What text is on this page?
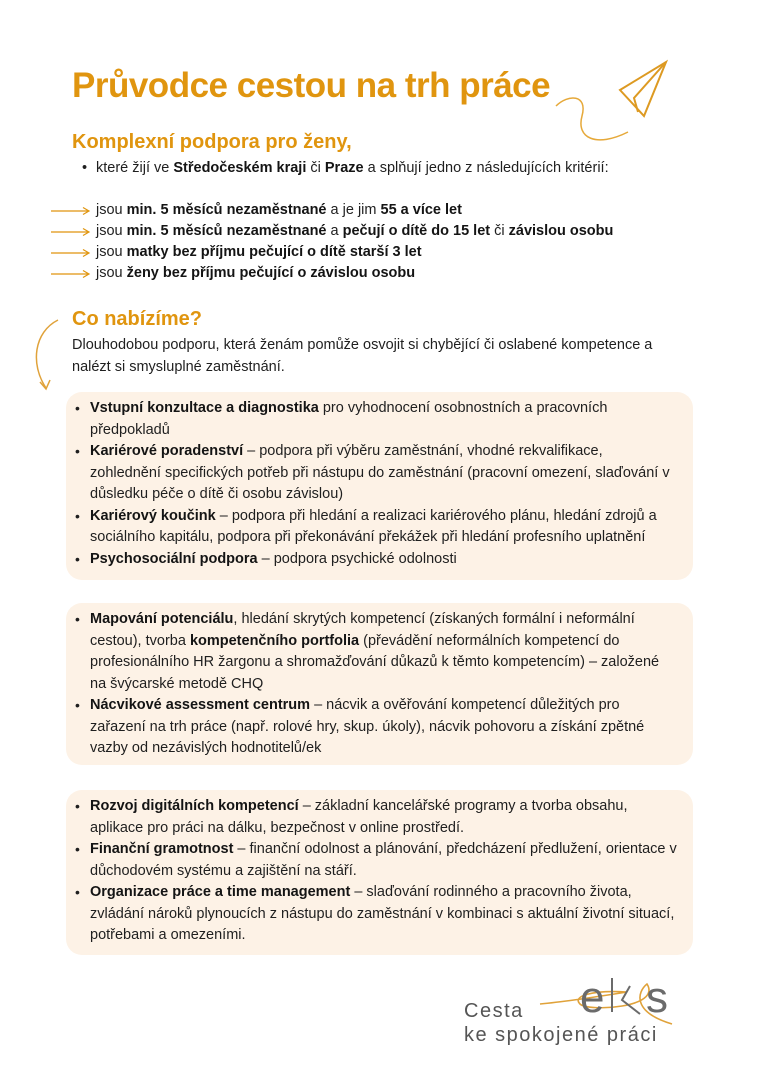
Průvodce cestou na trh práce
Komplexní podpora pro ženy,
• které žijí ve Středočeském kraji či Praze a splňují jedno z následujících kritérií:
jsou
min. 5 měsíců nezaměstnané
a je jim
55 a více let
jsou
min. 5 měsíců nezaměstnané
a
pečují o dítě do 15 let
či
závislou osobu
jsou
matky bez příjmu pečující o dítě starší 3 let
jsou
ženy bez příjmu pečující o závislou osobu
Co nabízíme?

Dlouhodobou podporu, která ženám pomůže osvojit si chybějící či oslabené kompetence a nalézt si smysluplné zaměstnání.

• Vstupní konzultace a diagnostika pro vyhodnocení osobnostních a pracovních předpokladů
• Kariérové poradenství – podpora při výběru zaměstnání, vhodné rekvalifikace, zohlednění specifických potřeb při nástupu do zaměstnání (pracovní omezení, slaďování v důsledku péče o dítě či osobu závislou)
• Kariérový koučink – podpora při hledání a realizaci kariérového plánu, hledání zdrojů a sociálního kapitálu, podpora při překonávání překážek při hledání profesního uplatnění
• Psychosociální podpora – podpora psychické odolnosti
• Mapování potenciálu, hledání skrytých kompetencí (získaných formální i neformální cestou), tvorba kompetenčního portfolia (převádění neformálních kompetencí do profesionálního HR žargonu a shromažďování důkazů k těmto kompetencím) – založené na švýcarské metodě CHQ
• Nácvikové assessment centrum – nácvik a ověřování kompetencí důležitých pro zařazení na trh práce (např. rolové hry, skup. úkoly), nácvik pohovoru a získání zpětné vazby od nezávislých hodnotitelů/ek
• Rozvoj digitálních kompetencí – základní kancelářské programy a tvorba obsahu, aplikace pro práci na dálku, bezpečnost v online prostředí.
• Finanční gramotnost – finanční odolnost a plánování, předcházení předlužení, orientace v důchodovém systému a zajištění na stáří.
• Organizace práce a time management – slaďování rodinného a pracovního života, zvládání nároků plynoucích z nástupu do zaměstnání v kombinaci s aktuální životní situací, potřebami a omezeními.
e s
Cesta
ke spokojené práci
